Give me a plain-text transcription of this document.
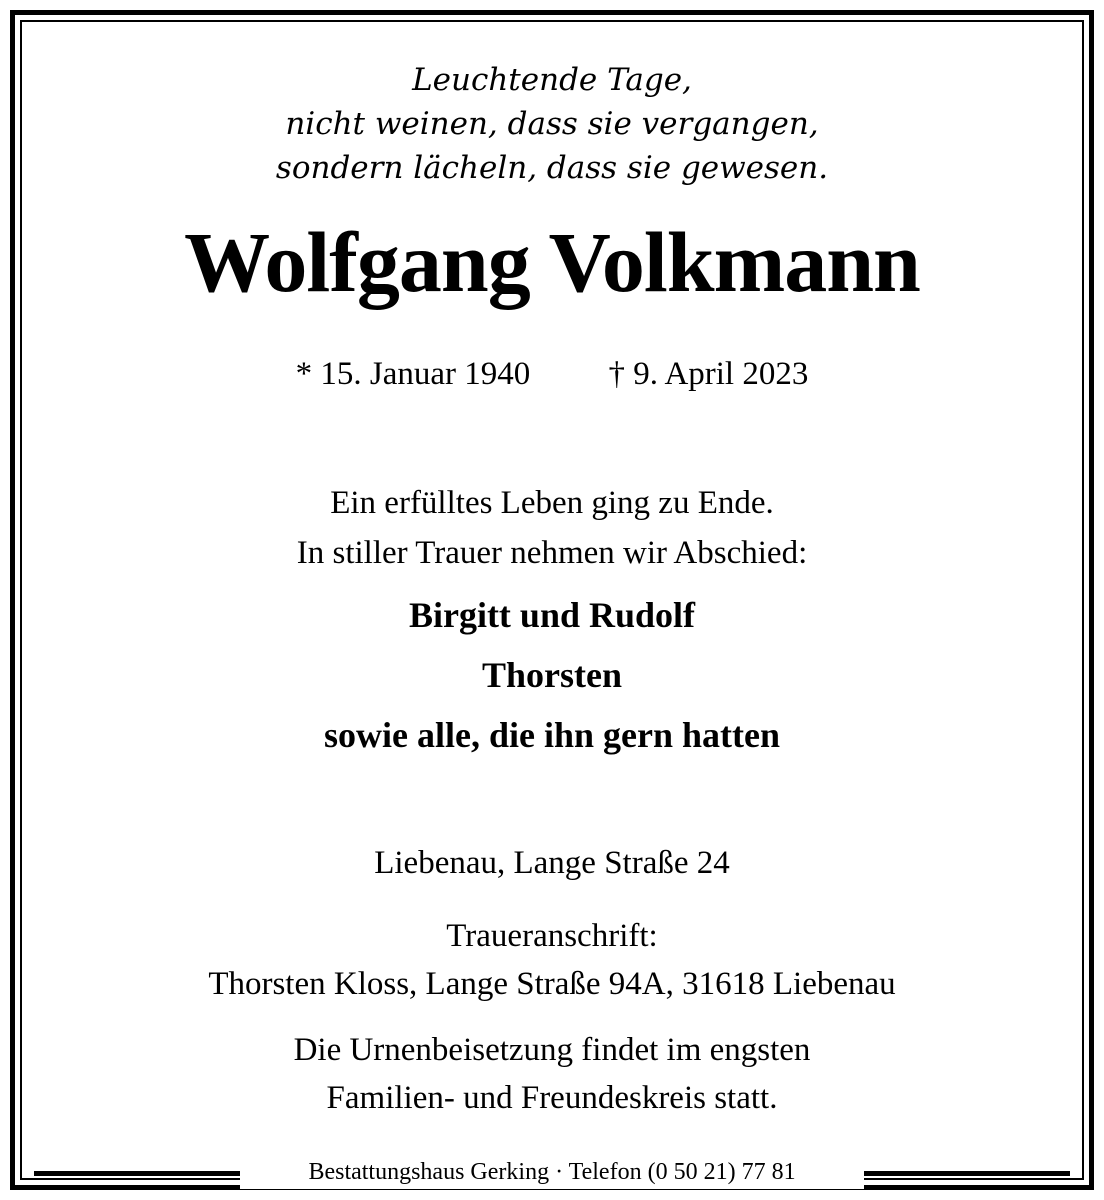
Leuchtende Tage,
nicht weinen, dass sie vergangen,
sondern lächeln, dass sie gewesen.
Wolfgang Volkmann
* 15. Januar 1940 † 9. April 2023
Ein erfülltes Leben ging zu Ende.
In stiller Trauer nehmen wir Abschied:
Birgitt und Rudolf
Thorsten
sowie alle, die ihn gern hatten
Liebenau, Lange Straße 24
Traueranschrift:
Thorsten Kloss, Lange Straße 94A, 31618 Liebenau
Die Urnenbeisetzung findet im engsten
Familien- und Freundeskreis statt.
Bestattungshaus Gerking · Telefon (0 50 21) 77 81
